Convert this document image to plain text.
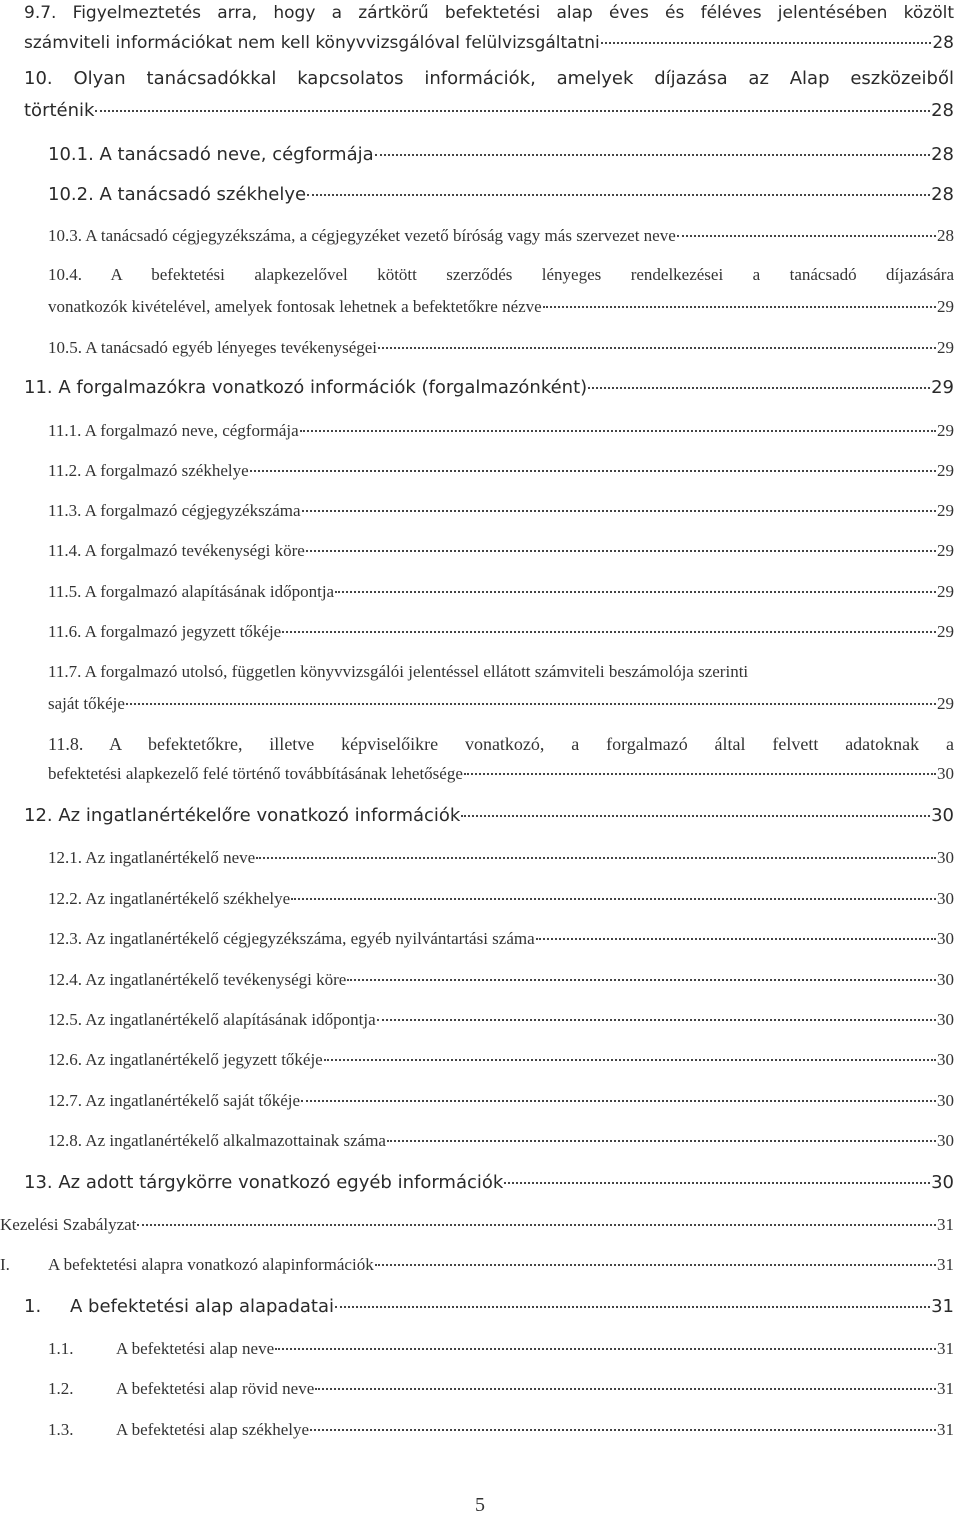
9.7. Figyelmeztetés arra, hogy a zártkörű befektetési alap éves és féléves jelentésében közölt
számviteli információkat nem kell könyvvizsgálóval felülvizsgáltatni	28
10. Olyan tanácsadókkal kapcsolatos információk, amelyek díjazása az Alap eszközeiből
történik	28
10.1. A tanácsadó neve, cégformája	28
10.2. A tanácsadó székhelye	28
10.3. A tanácsadó cégjegyzékszáma, a cégjegyzéket vezető bíróság vagy más szervezet neve	28
10.4. A befektetési alapkezelővel kötött szerződés lényeges rendelkezései a tanácsadó díjazására
vonatkozók kivételével, amelyek fontosak lehetnek a befektetőkre nézve	29
10.5. A tanácsadó egyéb lényeges tevékenységei	29
11. A forgalmazókra vonatkozó információk (forgalmazónként)	29
11.1. A forgalmazó neve, cégformája	29
11.2. A forgalmazó székhelye	29
11.3. A forgalmazó cégjegyzékszáma	29
11.4. A forgalmazó tevékenységi köre	29
11.5. A forgalmazó alapításának időpontja	29
11.6. A forgalmazó jegyzett tőkéje	29
11.7. A forgalmazó utolsó, független könyvvizsgálói jelentéssel ellátott számviteli beszámolója szerinti
saját tőkéje	29
11.8. A befektetőkre, illetve képviselőikre vonatkozó, a forgalmazó által felvett adatoknak a
befektetési alapkezelő felé történő továbbításának lehetősége	30
12. Az ingatlanértékelőre vonatkozó információk	30
12.1. Az ingatlanértékelő neve	30
12.2. Az ingatlanértékelő székhelye	30
12.3. Az ingatlanértékelő cégjegyzékszáma, egyéb nyilvántartási száma	30
12.4. Az ingatlanértékelő tevékenységi köre	30
12.5. Az ingatlanértékelő alapításának időpontja	30
12.6. Az ingatlanértékelő jegyzett tőkéje	30
12.7. Az ingatlanértékelő saját tőkéje	30
12.8. Az ingatlanértékelő alkalmazottainak száma	30
13. Az adott tárgykörre vonatkozó egyéb információk	30
Kezelési Szabályzat	31
I.	A befektetési alapra vonatkozó alapinformációk	31
1.	A befektetési alap alapadatai	31
1.1.	A befektetési alap neve	31
1.2.	A befektetési alap rövid neve	31
1.3.	A befektetési alap székhelye	31
5
